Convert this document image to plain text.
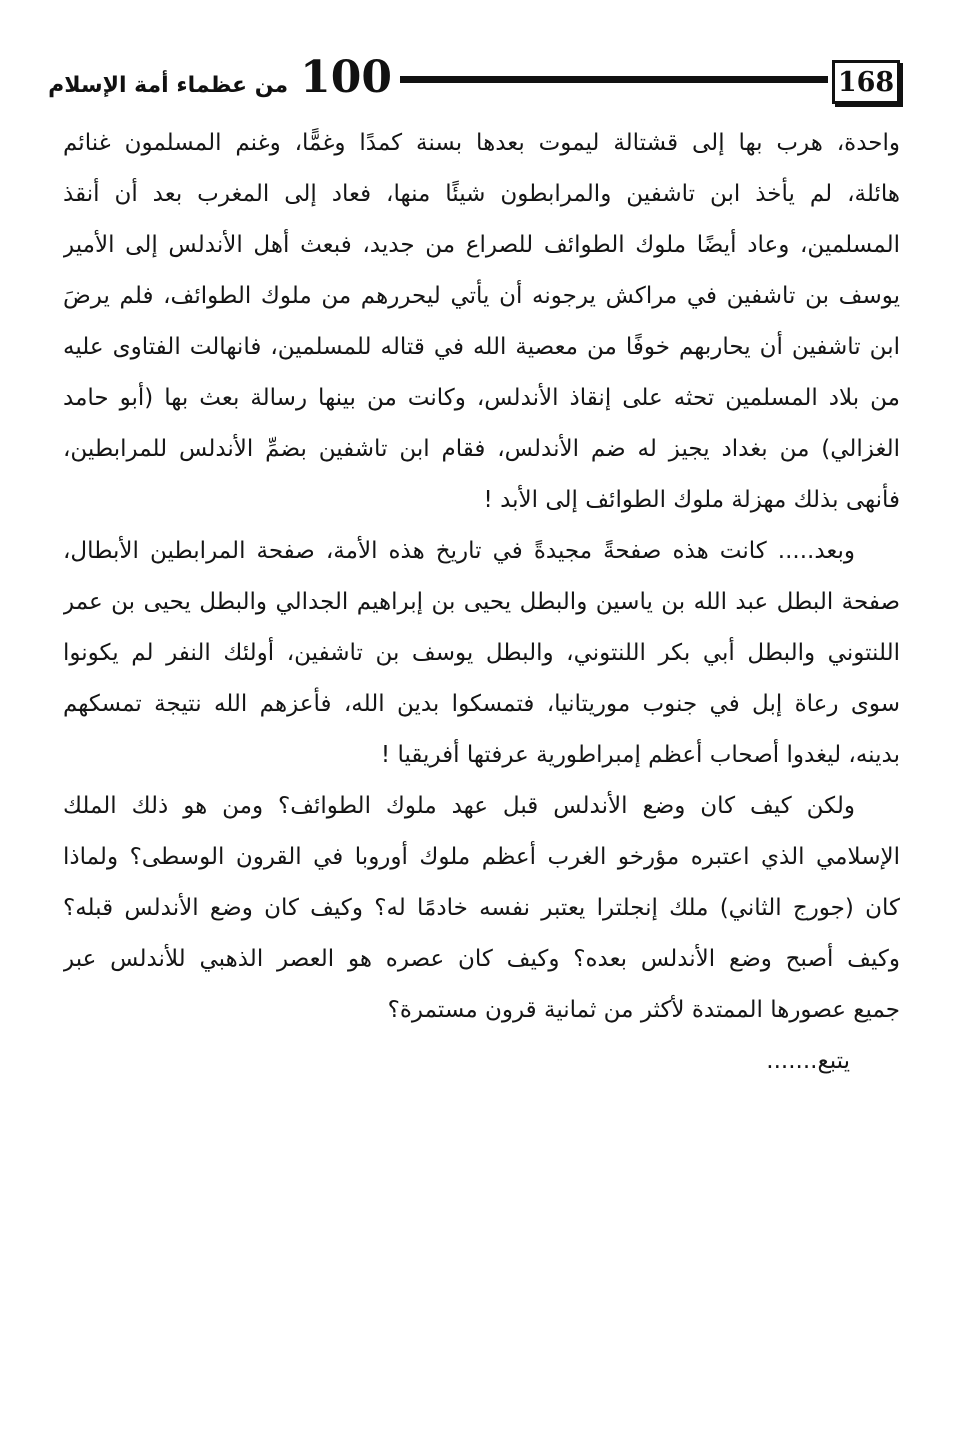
168
100من عظماء أمة الإسلام
واحدة، هرب بها إلى قشتالة ليموت بعدها بسنة كمدًا وغمًّا، وغنم المسلمون غنائم
هائلة، لم يأخذ ابن تاشفين والمرابطون شيئًا منها، فعاد إلى المغرب بعد أن أنقذ
المسلمين، وعاد أيضًا ملوك الطوائف للصراع من جديد، فبعث أهل الأندلس إلى الأمير
يوسف بن تاشفين في مراكش يرجونه أن يأتي ليحررهم من ملوك الطوائف، فلم يرضَ
ابن تاشفين أن يحاربهم خوفًا من معصية الله في قتاله للمسلمين، فانهالت الفتاوى عليه
من بلاد المسلمين تحثه على إنقاذ الأندلس، وكانت من بينها رسالة بعث بها (أبو حامد
الغزالي) من بغداد يجيز له ضم الأندلس، فقام ابن تاشفين بضمِّ الأندلس للمرابطين،
فأنهى بذلك مهزلة ملوك الطوائف إلى الأبد !
وبعد..... كانت هذه صفحةً مجيدةً في تاريخ هذه الأمة، صفحة المرابطين الأبطال،
صفحة البطل عبد الله بن ياسين والبطل يحيى بن إبراهيم الجدالي والبطل يحيى بن عمر
اللنتوني والبطل أبي بكر اللنتوني، والبطل يوسف بن تاشفين، أولئك النفر لم يكونوا
سوى رعاة إبل في جنوب موريتانيا، فتمسكوا بدين الله، فأعزهم الله نتيجة تمسكهم
بدينه، ليغدوا أصحاب أعظم إمبراطورية عرفتها أفريقيا !
ولكن كيف كان وضع الأندلس قبل عهد ملوك الطوائف؟ ومن هو ذلك الملك
الإسلامي الذي اعتبره مؤرخو الغرب أعظم ملوك أوروبا في القرون الوسطى؟ ولماذا
كان (جورج الثاني) ملك إنجلترا يعتبر نفسه خادمًا له؟ وكيف كان وضع الأندلس قبله؟
وكيف أصبح وضع الأندلس بعده؟ وكيف كان عصره هو العصر الذهبي للأندلس عبر
جميع عصورها الممتدة لأكثر من ثمانية قرون مستمرة؟
يتبع.......
